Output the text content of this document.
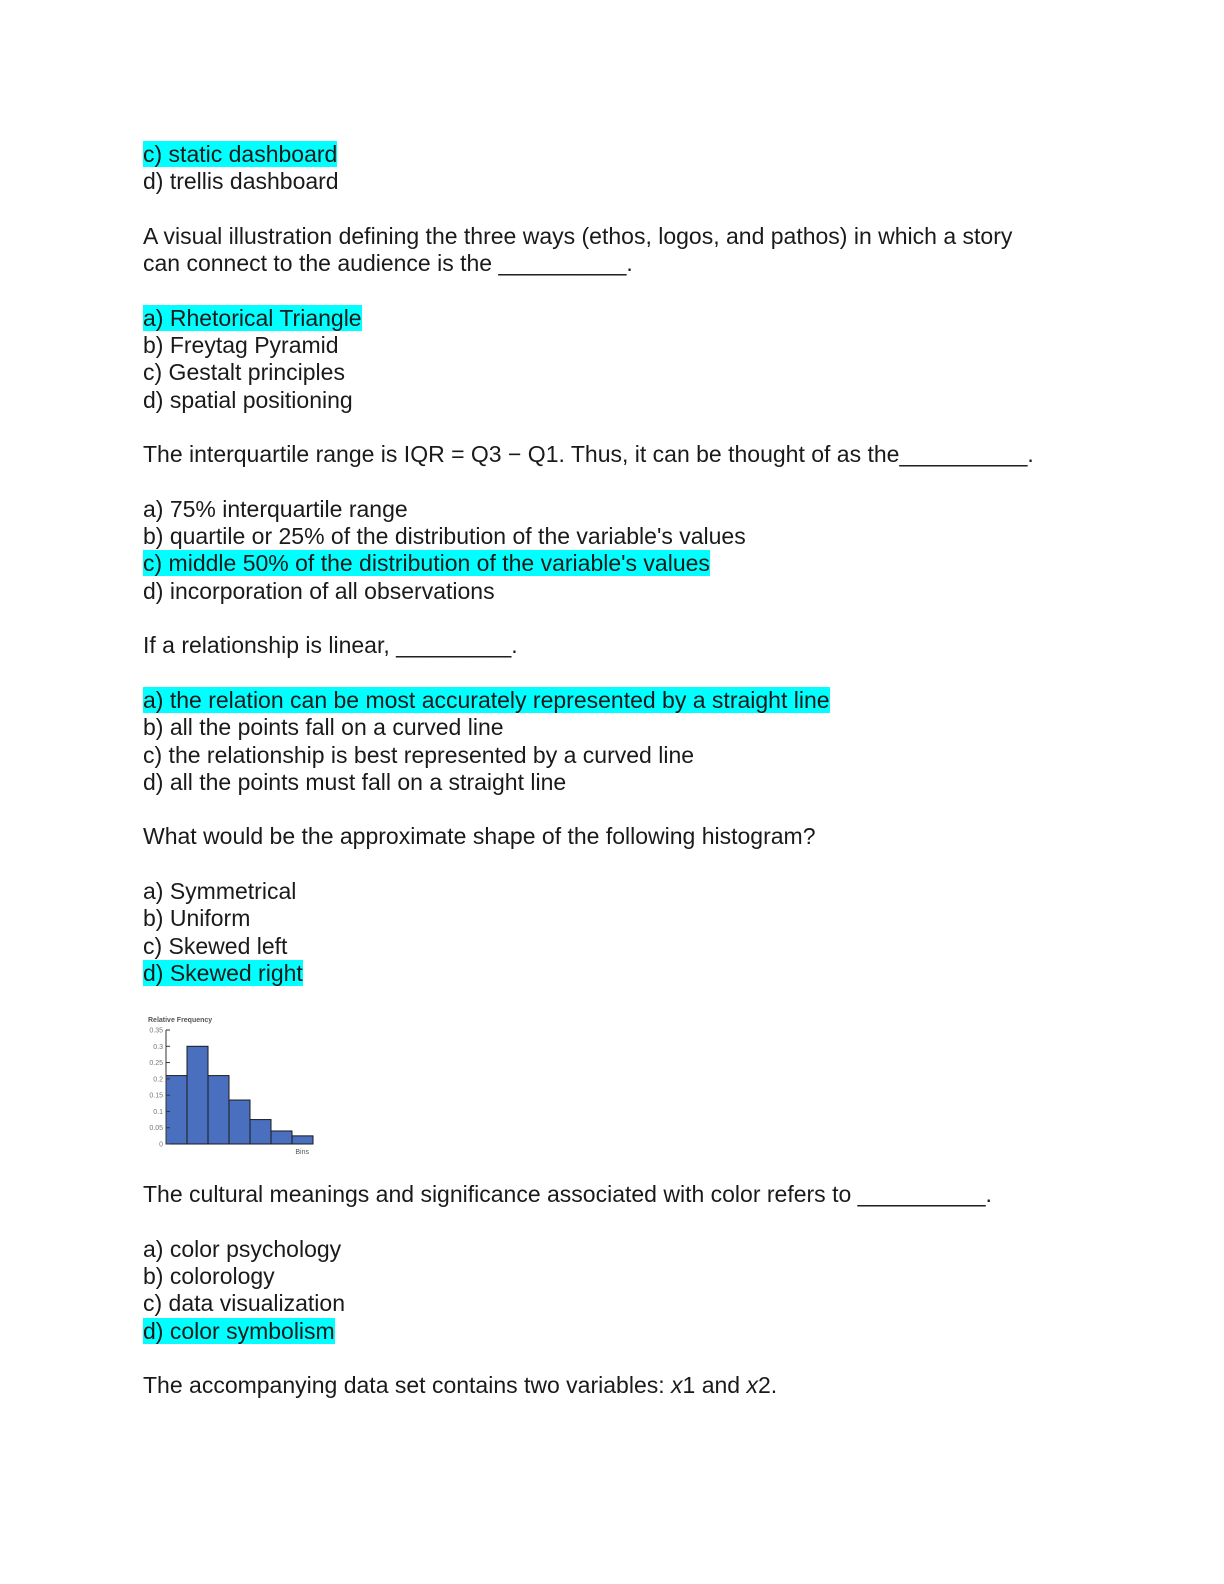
c) static dashboard
d) trellis dashboard
A visual illustration defining the three ways (ethos, logos, and pathos) in which a story
can connect to the audience is the __________.
a) Rhetorical Triangle
b) Freytag Pyramid
c) Gestalt principles
d) spatial positioning
The interquartile range is IQR = Q3 − Q1. Thus, it can be thought of as the__________.
a) 75% interquartile range
b) quartile or 25% of the distribution of the variable's values
c) middle 50% of the distribution of the variable's values
d) incorporation of all observations
If a relationship is linear, _________.
a) the relation can be most accurately represented by a straight line
b) all the points fall on a curved line
c) the relationship is best represented by a curved line
d) all the points must fall on a straight line
What would be the approximate shape of the following histogram?
a) Symmetrical
b) Uniform
c) Skewed left
d) Skewed right
Relative Frequency
0
0.05
0.1
0.15
0.2
0.25
0.3
0.35
Bins
The cultural meanings and significance associated with color refers to __________.
a) color psychology
b) colorology
c) data visualization
d) color symbolism
The accompanying data set contains two variables: x1 and x2.
